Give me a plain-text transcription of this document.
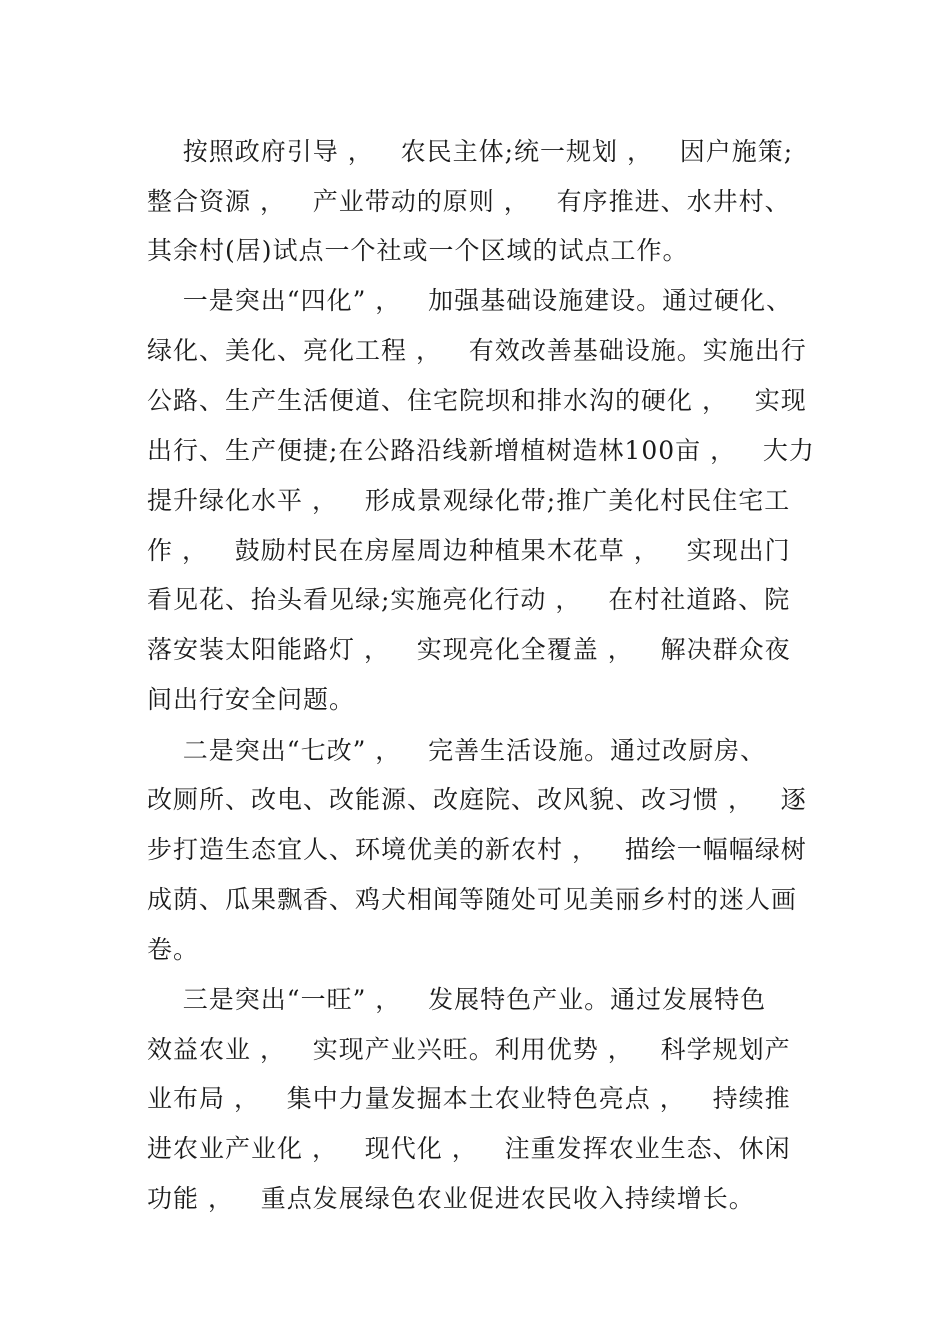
按照政府引导 ，   农民主体;统一规划 ，   因户施策;
整合资源 ，   产业带动的原则 ，   有序推进、水井村、
其余村(居)试点一个社或一个区域的试点工作。
一是突出“四化” ，   加强基础设施建设。通过硬化、
绿化、美化、亮化工程 ，   有效改善基础设施。实施出行
公路、生产生活便道、住宅院坝和排水沟的硬化 ，   实现
出行、生产便捷;在公路沿线新增植树造林100亩 ，   大力
提升绿化水平 ，   形成景观绿化带;推广美化村民住宅工
作 ，   鼓励村民在房屋周边种植果木花草 ，   实现出门
看见花、抬头看见绿;实施亮化行动 ，   在村社道路、院
落安装太阳能路灯 ，   实现亮化全覆盖 ，   解决群众夜
间出行安全问题。
二是突出“七改” ，   完善生活设施。通过改厨房、
改厕所、改电、改能源、改庭院、改风貌、改习惯 ，   逐
步打造生态宜人、环境优美的新农村 ，   描绘一幅幅绿树
成荫、瓜果飘香、鸡犬相闻等随处可见美丽乡村的迷人画
卷。
三是突出“一旺” ，   发展特色产业。通过发展特色
效益农业 ，   实现产业兴旺。利用优势 ，   科学规划产
业布局 ，   集中力量发掘本土农业特色亮点 ，   持续推
进农业产业化 ，   现代化 ，   注重发挥农业生态、休闲
功能 ，   重点发展绿色农业促进农民收入持续增长。
